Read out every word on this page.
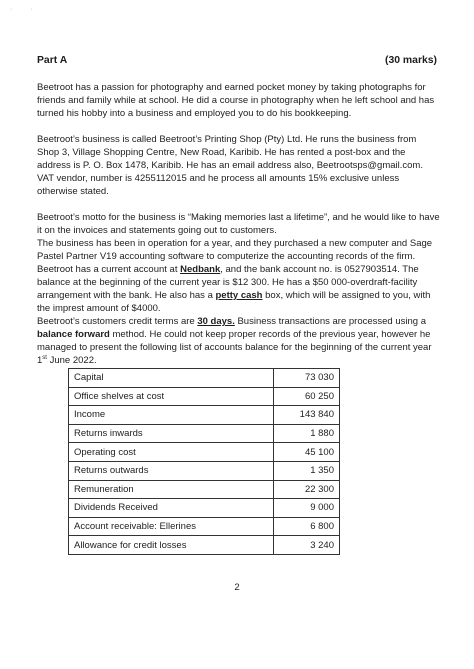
· ·
Part A	(30 marks)

Beetroot has a passion for photography and earned pocket money by taking photographs for friends and family while at school. He did a course in photography when he left school and has turned his hobby into a business and employed you to do his bookkeeping.

Beetroot’s business is called Beetroot’s Printing Shop (Pty) Ltd. He runs the business from Shop 3, Village Shopping Centre, New Road, Karibib. He has rented a post-box and the address is P. O. Box 1478, Karibib. He has an email address also, Beetrootsps@gmail.com. VAT vendor, number is 4255112015 and he process all amounts 15% exclusive unless otherwise stated.

Beetroot’s motto for the business is “Making memories last a lifetime”, and he would like to have it on the invoices and statements going out to customers.

The business has been in operation for a year, and they purchased a new computer and Sage Pastel Partner V19 accounting software to computerize the accounting records of the firm.

Beetroot has a current account at Nedbank, and the bank account no. is 0527903514. The balance at the beginning of the current year is $12 300. He has a $50 000-overdraft-facility arrangement with the bank. He also has a petty cash box, which will be assigned to you, with the imprest amount of $4000.

Beetroot’s customers credit terms are 30 days. Business transactions are processed using a balance forward method. He could not keep proper records of the previous year, however he managed to present the following list of accounts balance for the beginning of the current year 1st June 2022.

Capital	73 030
Office shelves at cost	60 250
Income	143 840
Returns inwards	1 880
Operating cost	45 100
Returns outwards	1 350
Remuneration	22 300
Dividends Received	9 000
Account receivable: Ellerines	6 800
Allowance for credit losses	3 240
2
